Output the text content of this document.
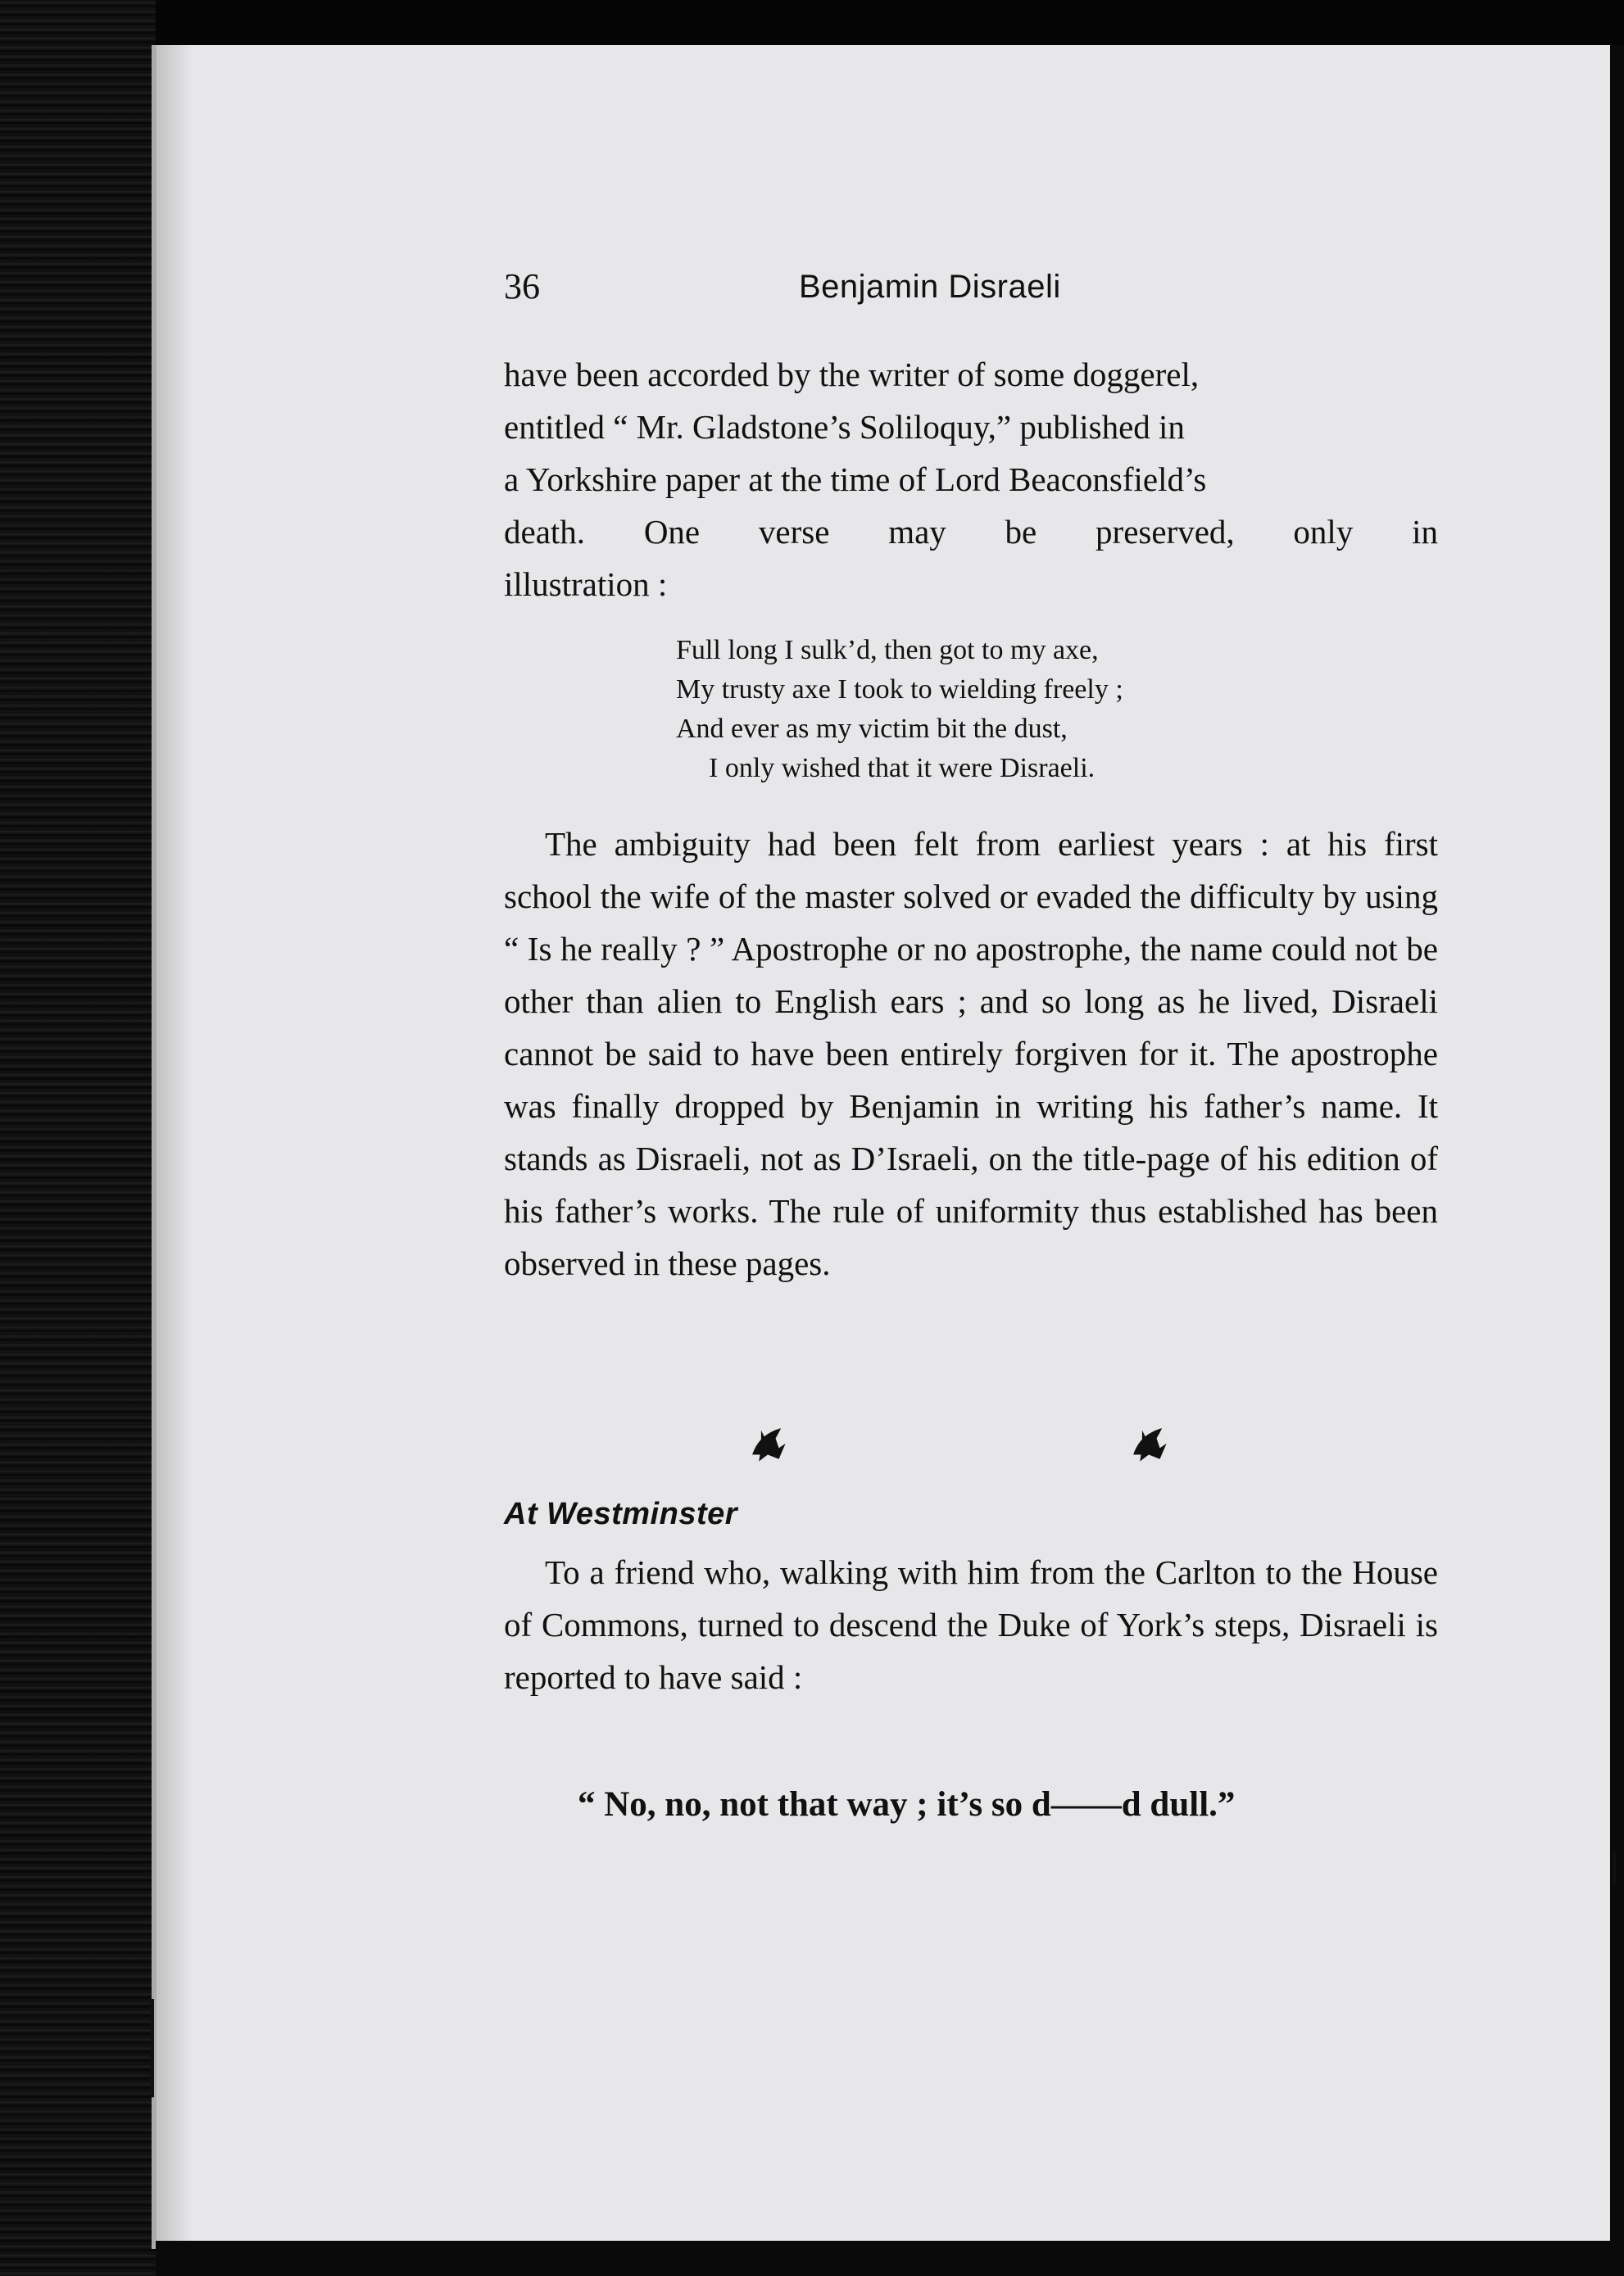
36	Benjamin Disraeli
have been accorded by the writer of some doggerel,
entitled “ Mr. Gladstone’s Soliloquy,” published in
a Yorkshire paper at the time of Lord Beaconsfield’s
death. One verse may be preserved, only in
illustration :
Full long I sulk’d, then got to my axe,
My trusty axe I took to wielding freely ;
And ever as my victim bit the dust,
I only wished that it were Disraeli.
The ambiguity had been felt from earliest years : at his first school the wife of the master solved or evaded the difficulty by using “ Is he really ? ” Apostrophe or no apostrophe, the name could not be other than alien to English ears ; and so long as he lived, Disraeli cannot be said to have been entirely forgiven for it. The apostrophe was finally dropped by Benjamin in writing his father’s name. It stands as Disraeli, not as D’Israeli, on the title-page of his edition of his father’s works. The rule of uniformity thus established has been observed in these pages.
At Westminster
To a friend who, walking with him from the Carlton to the House of Commons, turned to descend the Duke of York’s steps, Disraeli is reported to have said :
“ No, no, not that way ; it’s so d——d dull.”
